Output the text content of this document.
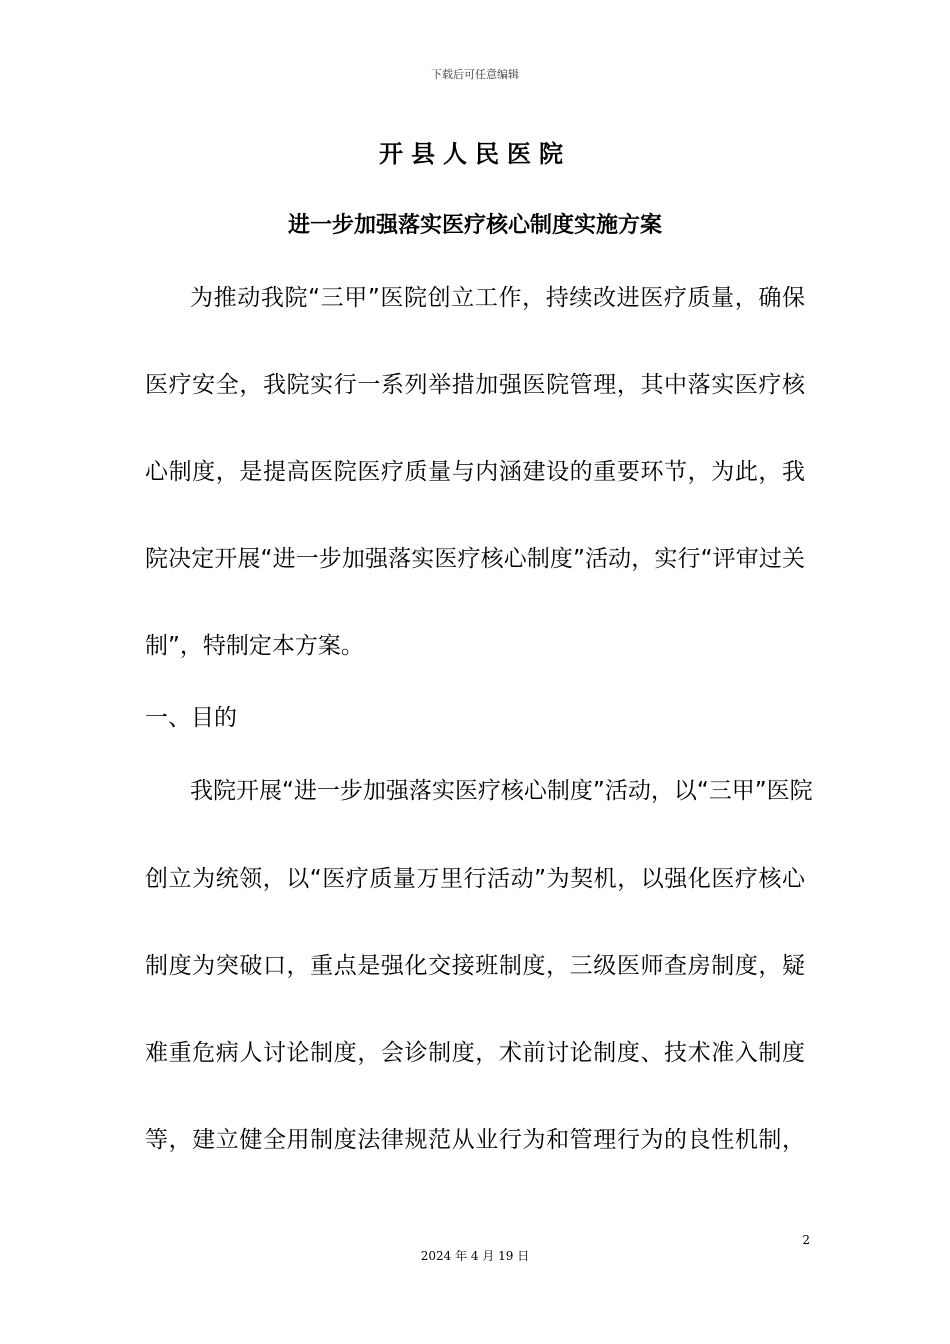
下载后可任意编辑
开县人民医院
进一步加强落实医疗核心制度实施方案
为推动我院“三甲”医院创立工作，持续改进医疗质量，确保
医疗安全，我院实行一系列举措加强医院管理，其中落实医疗核
心制度，是提高医院医疗质量与内涵建设的重要环节，为此，我
院决定开展“进一步加强落实医疗核心制度”活动，实行“评审过关
制”，特制定本方案。
一、目的
我院开展“进一步加强落实医疗核心制度”活动，以“三甲”医院
创立为统领，以“医疗质量万里行活动”为契机，以强化医疗核心
制度为突破口，重点是强化交接班制度，三级医师查房制度，疑
难重危病人讨论制度，会诊制度，术前讨论制度、技术准入制度
等，建立健全用制度法律规范从业行为和管理行为的良性机制，
2
2024 年 4 月 19 日
